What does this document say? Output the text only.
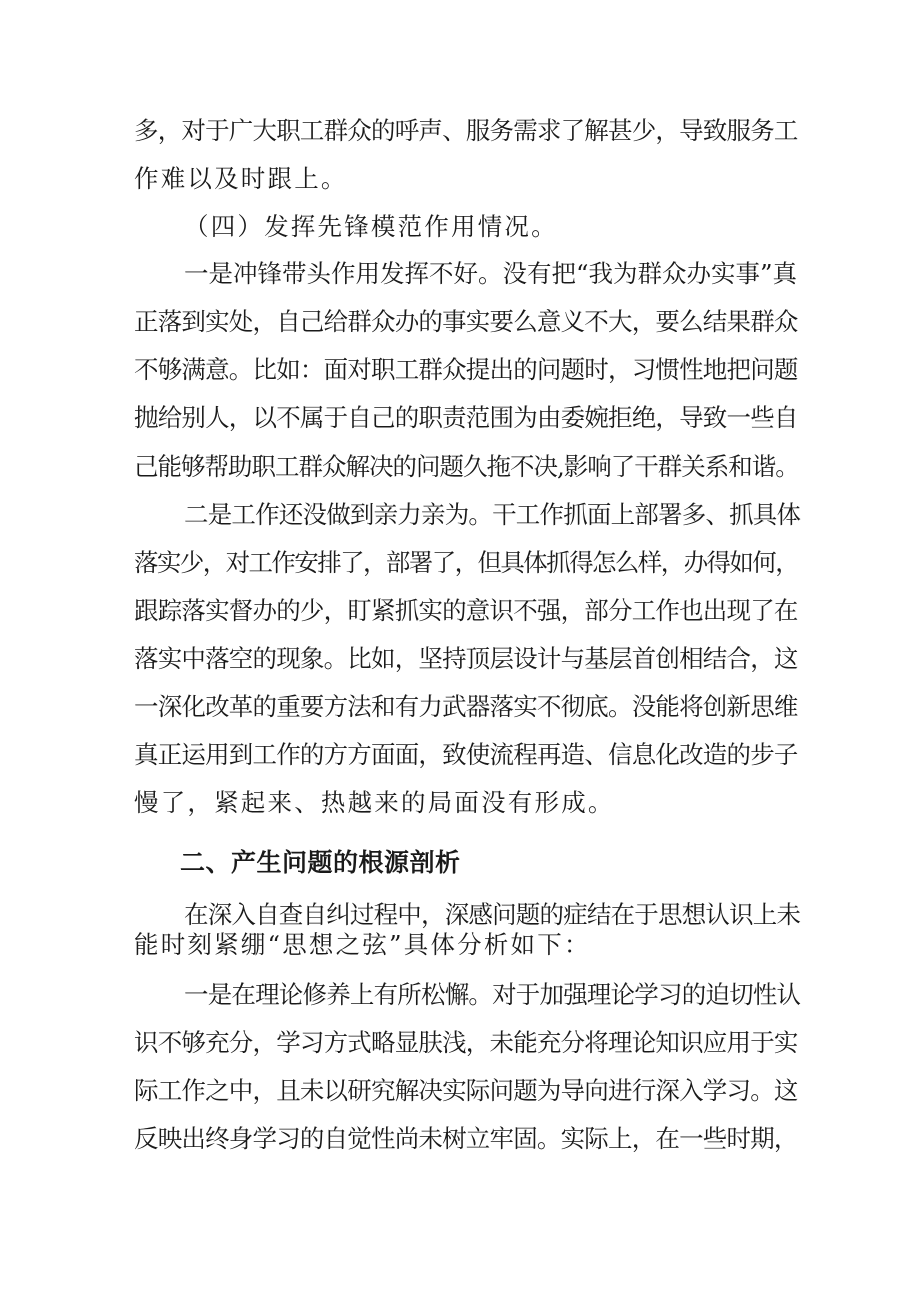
多，对于广大职工群众的呼声、服务需求了解甚少，导致服务工
作难以及时跟上。
（四）发挥先锋模范作用情况。
一是冲锋带头作用发挥不好。没有把“我为群众办实事”真
正落到实处，自己给群众办的事实要么意义不大，要么结果群众
不够满意。比如：面对职工群众提出的问题时，习惯性地把问题
抛给别人，以不属于自己的职责范围为由委婉拒绝，导致一些自
己能够帮助职工群众解决的问题久拖不决,影响了干群关系和谐。
二是工作还没做到亲力亲为。干工作抓面上部署多、抓具体
落实少，对工作安排了，部署了，但具体抓得怎么样，办得如何，
跟踪落实督办的少，盯紧抓实的意识不强，部分工作也出现了在
落实中落空的现象。比如，坚持顶层设计与基层首创相结合，这
一深化改革的重要方法和有力武器落实不彻底。没能将创新思维
真正运用到工作的方方面面，致使流程再造、信息化改造的步子
慢了，紧起来、热越来的局面没有形成。
二、产生问题的根源剖析
在深入自查自纠过程中，深感问题的症结在于思想认识上未
能时刻紧绷“思想之弦”具体分析如下：
一是在理论修养上有所松懈。对于加强理论学习的迫切性认
识不够充分，学习方式略显肤浅，未能充分将理论知识应用于实
际工作之中，且未以研究解决实际问题为导向进行深入学习。这
反映出终身学习的自觉性尚未树立牢固。实际上，在一些时期，
